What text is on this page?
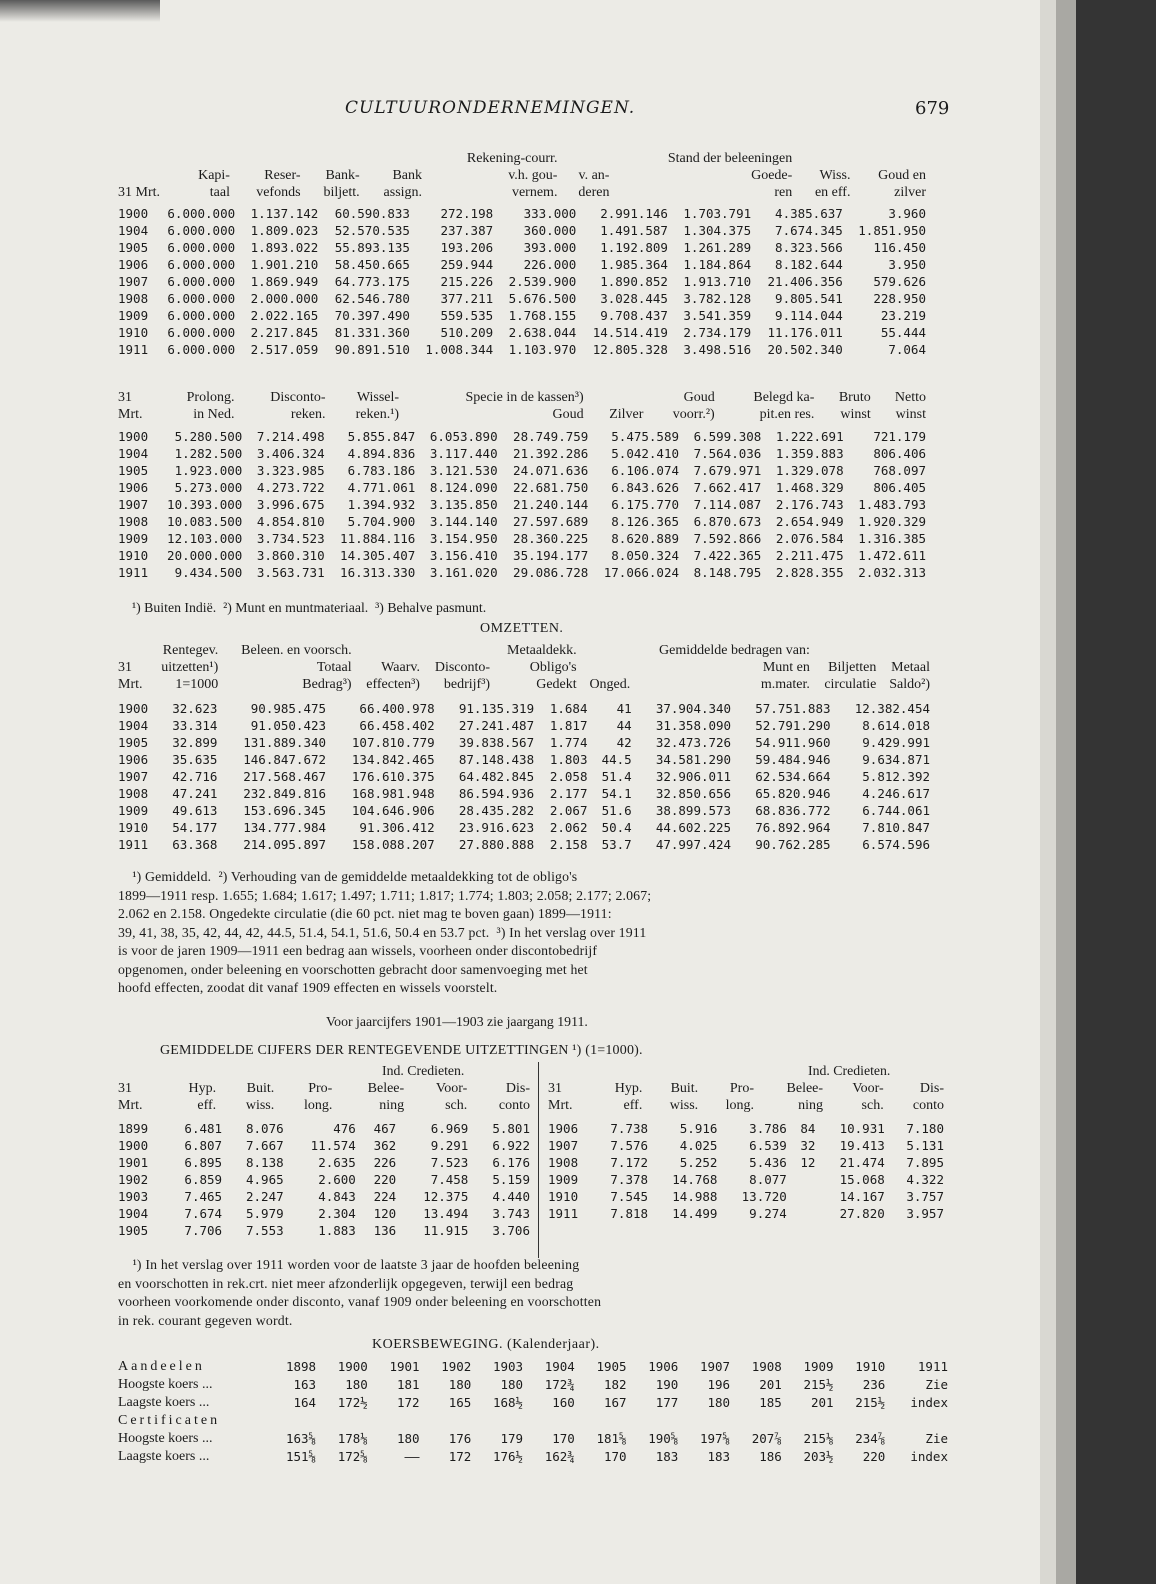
CULTUURONDERNEMINGEN.	679
					Rekening-courr.		Stand der beleeningen		
	Kapi-	Reser-	Bank-	Bank	v.h. gou-	v. an-	Goede-	Wiss.	Goud en
31 Mrt.	taal	vefonds	biljett.	assign.	vernem.	deren	ren	en eff.	zilver
1900	6.000.000	1.137.142	60.590.833	272.198	333.000	2.991.146	1.703.791	4.385.637	3.960
1904	6.000.000	1.809.023	52.570.535	237.387	360.000	1.491.587	1.304.375	7.674.345	1.851.950
1905	6.000.000	1.893.022	55.893.135	193.206	393.000	1.192.809	1.261.289	8.323.566	116.450
1906	6.000.000	1.901.210	58.450.665	259.944	226.000	1.985.364	1.184.864	8.182.644	3.950
1907	6.000.000	1.869.949	64.773.175	215.226	2.539.900	1.890.852	1.913.710	21.406.356	579.626
1908	6.000.000	2.000.000	62.546.780	377.211	5.676.500	3.028.445	3.782.128	9.805.541	228.950
1909	6.000.000	2.022.165	70.397.490	559.535	1.768.155	9.708.437	3.541.359	9.114.044	23.219
1910	6.000.000	2.217.845	81.331.360	510.209	2.638.044	14.514.419	2.734.179	11.176.011	55.444
1911	6.000.000	2.517.059	90.891.510	1.008.344	1.103.970	12.805.328	3.498.516	20.502.340	7.064
31	Prolong.	Disconto-	Wissel-	Specie in de kassen³)		Goud	Belegd ka-	Bruto	Netto
Mrt.	in Ned.	reken.	reken.¹)	Goud	Zilver	voorr.²)	pit.en res.	winst	winst
1900	5.280.500	7.214.498	5.855.847	6.053.890	28.749.759	5.475.589	6.599.308	1.222.691	721.179
1904	1.282.500	3.406.324	4.894.836	3.117.440	21.392.286	5.042.410	7.564.036	1.359.883	806.406
1905	1.923.000	3.323.985	6.783.186	3.121.530	24.071.636	6.106.074	7.679.971	1.329.078	768.097
1906	5.273.000	4.273.722	4.771.061	8.124.090	22.681.750	6.843.626	7.662.417	1.468.329	806.405
1907	10.393.000	3.996.675	1.394.932	3.135.850	21.240.144	6.175.770	7.114.087	2.176.743	1.483.793
1908	10.083.500	4.854.810	5.704.900	3.144.140	27.597.689	8.126.365	6.870.673	2.654.949	1.920.329
1909	12.103.000	3.734.523	11.884.116	3.154.950	28.360.225	8.620.889	7.592.866	2.076.584	1.316.385
1910	20.000.000	3.860.310	14.305.407	3.156.410	35.194.177	8.050.324	7.422.365	2.211.475	1.472.611
1911	9.434.500	3.563.731	16.313.330	3.161.020	29.086.728	17.066.024	8.148.795	2.828.355	2.032.313
¹) Buiten Indië.  ²) Munt en muntmateriaal.  ³) Behalve pasmunt.
OMZETTEN.
	Rentegev.	Beleen. en voorsch.			Metaaldekk.		Gemiddelde bedragen van:		
31	uitzetten¹)	Totaal	Waarv.	Disconto-	Obligo's		Munt en	Biljetten	Metaal
Mrt.	1=1000	Bedrag³)	effecten³)	bedrijf³)	Gedekt	Onged.	m.mater.	circulatie	Saldo²)
1900	32.623	90.985.475	66.400.978	91.135.319	1.684	41	37.904.340	57.751.883	12.382.454
1904	33.314	91.050.423	66.458.402	27.241.487	1.817	44	31.358.090	52.791.290	8.614.018
1905	32.899	131.889.340	107.810.779	39.838.567	1.774	42	32.473.726	54.911.960	9.429.991
1906	35.635	146.847.672	134.842.465	87.148.438	1.803	44.5	34.581.290	59.484.946	9.634.871
1907	42.716	217.568.467	176.610.375	64.482.845	2.058	51.4	32.906.011	62.534.664	5.812.392
1908	47.241	232.849.816	168.981.948	86.594.936	2.177	54.1	32.850.656	65.820.946	4.246.617
1909	49.613	153.696.345	104.646.906	28.435.282	2.067	51.6	38.899.573	68.836.772	6.744.061
1910	54.177	134.777.984	91.306.412	23.916.623	2.062	50.4	44.602.225	76.892.964	7.810.847
1911	63.368	214.095.897	158.088.207	27.880.888	2.158	53.7	47.997.424	90.762.285	6.574.596
¹) Gemiddeld.  ²) Verhouding van de gemiddelde metaaldekking tot de obligo's
1899—1911 resp. 1.655; 1.684; 1.617; 1.497; 1.711; 1.817; 1.774; 1.803; 2.058; 2.177; 2.067;
2.062 en 2.158. Ongedekte circulatie (die 60 pct. niet mag te boven gaan) 1899—1911:
39, 41, 38, 35, 42, 44, 42, 44.5, 51.4, 54.1, 51.6, 50.4 en 53.7 pct.  ³) In het verslag over 1911
is voor de jaren 1909—1911 een bedrag aan wissels, voorheen onder discontobedrijf
opgenomen, onder beleening en voorschotten gebracht door samenvoeging met het
hoofd effecten, zoodat dit vanaf 1909 effecten en wissels voorstelt.
Voor jaarcijfers 1901—1903 zie jaargang 1911.
GEMIDDELDE CIJFERS DER RENTEGEVENDE UITZETTINGEN ¹) (1=1000).
Ind. Credieten.	Ind. Credieten.
31	Hyp.	Buit.	Pro-	Belee-	Voor-	Dis-
Mrt.	eff.	wiss.	long.	ning	sch.	conto
1899	6.481	8.076	476	467	6.969	5.801
1900	6.807	7.667	11.574	362	9.291	6.922
1901	6.895	8.138	2.635	226	7.523	6.176
1902	6.859	4.965	2.600	220	7.458	5.159
1903	7.465	2.247	4.843	224	12.375	4.440
1904	7.674	5.979	2.304	120	13.494	3.743
1905	7.706	7.553	1.883	136	11.915	3.706
31	Hyp.	Buit.	Pro-	Belee-	Voor-	Dis-
Mrt.	eff.	wiss.	long.	ning	sch.	conto
1906	7.738	5.916	3.786	84	10.931	7.180
1907	7.576	4.025	6.539	32	19.413	5.131
1908	7.172	5.252	5.436	12	21.474	7.895
1909	7.378	14.768	8.077		15.068	4.322
1910	7.545	14.988	13.720		14.167	3.757
1911	7.818	14.499	9.274		27.820	3.957
¹) In het verslag over 1911 worden voor de laatste 3 jaar de hoofden beleening
en voorschotten in rek.crt. niet meer afzonderlijk opgegeven, terwijl een bedrag
voorheen voorkomende onder disconto, vanaf 1909 onder beleening en voorschotten
in rek. courant gegeven wordt.
KOERSBEWEGING. (Kalenderjaar).
Aandeelen	1898	1900	1901	1902	1903	1904	1905	1906	1907	1908	1909	1910	1911
Hoogste koers ...	163	180	181	180	180	172¾	182	190	196	201	215½	236	Zie
Laagste koers ...	164	172½	172	165	168½	160	167	177	180	185	201	215½	index
Certificaten													
Hoogste koers ...	163⅝	178⅛	180	176	179	170	181⅝	190⅝	197⅝	207⅞	215⅛	234⅞	Zie
Laagste koers ...	151⅝	172⅝	——	172	176½	162¾	170	183	183	186	203½	220	index
